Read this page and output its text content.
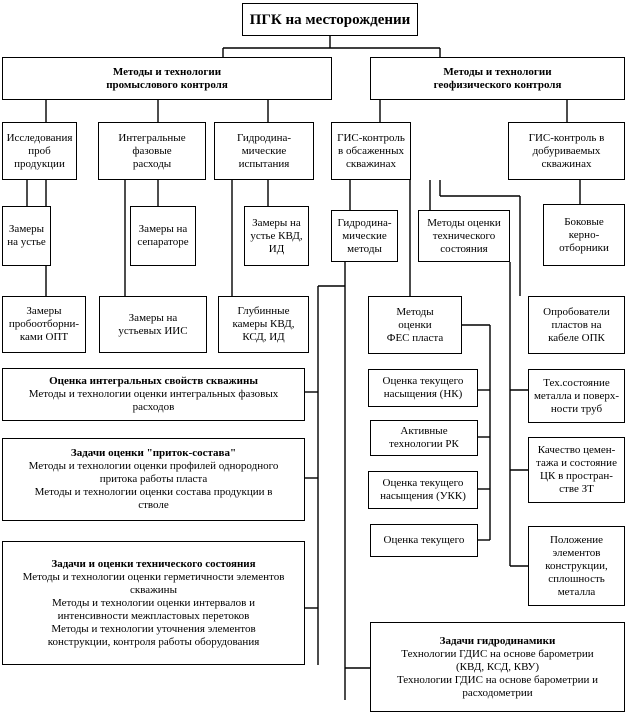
ПГК на месторождении
Методы и технологии
промыслового контроля
Методы и технологии
геофизического контроля
Исследования
проб
продукции
Интегральные
фазовые
расходы
Гидродина-
мические
испытания
Замеры
на устье
Замеры на
сепараторе
Замеры на
устье КВД,
ИД
Замеры
пробоотборни-
ками ОПТ
Замеры на
устьевых ИИС
Глубинные
камеры КВД,
КСД, ИД
ГИС-контроль
в обсаженных
скважинах
ГИС-контроль в
добуриваемых
скважинах
Гидродина-
мические
методы
Методы оценки
технического
состояния
Боковые
керно-
отборники
Методы
оценки
ФЕС пласта
Опробователи
пластов на
кабеле ОПК
Оценка текущего
насыщения (НК)
Активные
технологии РК
Оценка текущего
насыщения (УКК)
Оценка текущего
Тех.состояние
металла и поверх-
ности труб
Качество цемен-
тажа и состояние
ЦК в простран-
стве ЗТ
Положение
элементов
конструкции,
сплошность
металла
Оценка интегральных свойств скважины
Методы и технологии оценки интегральных фазовых
расходов
Задачи оценки "приток-состава"
Методы и технологии оценки профилей однородного
притока работы пласта
Методы и технологии оценки состава продукции в
стволе
Задачи и оценки технического состояния
Методы и технологии оценки герметичности элементов
скважины
Методы и технологии оценки интервалов и
интенсивности межпластовых перетоков
Методы и технологии уточнения элементов
конструкции, контроля работы оборудования	Задачи гидродинамики
Технологии ГДИС на основе барометрии
(КВД, КСД, КВУ)
Технологии ГДИС на основе барометрии и
расходометрии
